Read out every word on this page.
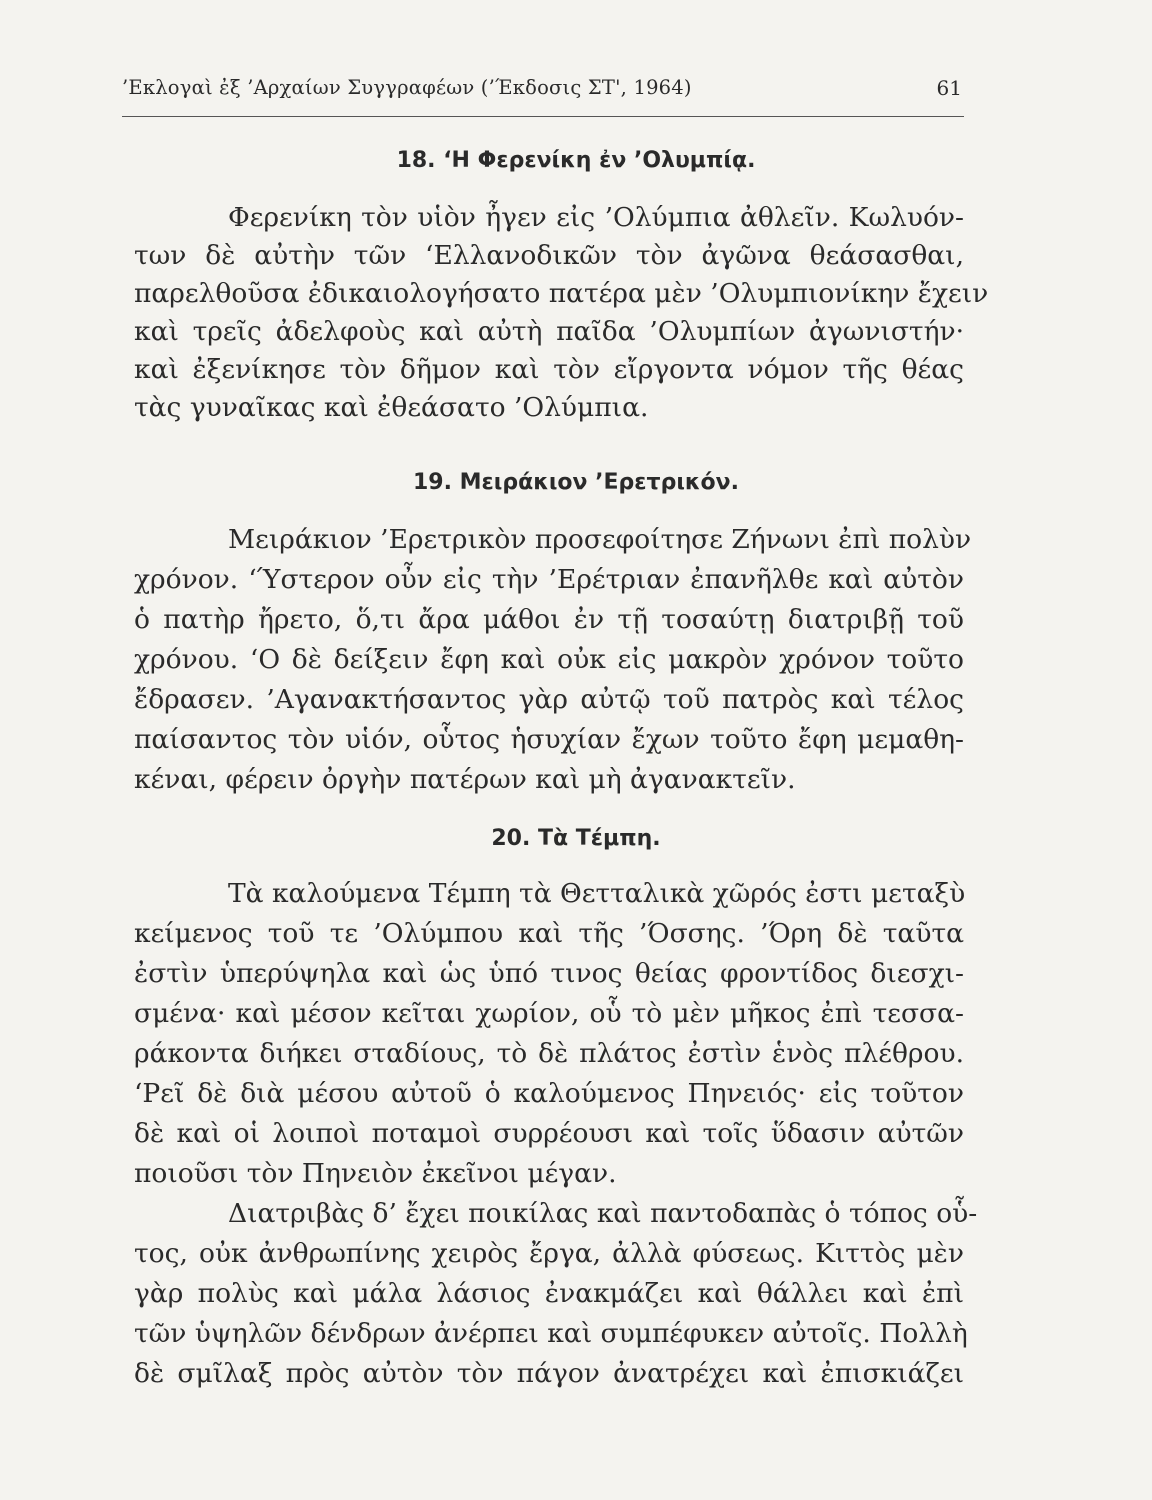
’Εκλογαὶ ἐξ ’Αρχαίων Συγγραφέων (’Έκδοσις ΣΤ', 1964)	61
18. ‘Η Φερενίκη ἐν ’Ολυμπίᾳ.
Φερενίκη τὸν υἱὸν ἦγεν εἰς ’Ολύμπια ἀθλεῖν. Κωλυόν-
των δὲ αὐτὴν τῶν ‘Ελλανοδικῶν τὸν ἀγῶνα θεάσασθαι,
παρελθοῦσα ἐδικαιολογήσατο πατέρα μὲν ’Ολυμπιονίκην ἔχειν
καὶ τρεῖς ἀδελφοὺς καὶ αὐτὴ παῖδα ’Ολυμπίων ἀγωνιστήν·
καὶ ἐξενίκησε τὸν δῆμον καὶ τὸν εἴργοντα νόμον τῆς θέας
τὰς γυναῖκας καὶ ἐθεάσατο ’Ολύμπια.
19. Μειράκιον ’Ερετρικόν.
Μειράκιον ’Ερετρικὸν προσεφοίτησε Ζήνωνι ἐπὶ πολὺν
χρόνον. ‘Ύστερον οὖν εἰς τὴν ’Ερέτριαν ἐπανῆλθε καὶ αὐτὸν
ὁ πατὴρ ἤρετο, ὅ,τι ἄρα μάθοι ἐν τῇ τοσαύτῃ διατριβῇ τοῦ
χρόνου. ‘Ο δὲ δείξειν ἔφη καὶ οὐκ εἰς μακρὸν χρόνον τοῦτο
ἔδρασεν. ’Αγανακτήσαντος γὰρ αὐτῷ τοῦ πατρὸς καὶ τέλος
παίσαντος τὸν υἱόν, οὗτος ἡσυχίαν ἔχων τοῦτο ἔφη μεμαθη-
κέναι, φέρειν ὀργὴν πατέρων καὶ μὴ ἀγανακτεῖν.
20. Τὰ Τέμπη.
Τὰ καλούμενα Τέμπη τὰ Θετταλικὰ χῶρός ἐστι μεταξὺ
κείμενος τοῦ τε ’Ολύμπου καὶ τῆς ’Όσσης. ’Όρη δὲ ταῦτα
ἐστὶν ὑπερύψηλα καὶ ὡς ὑπό τινος θείας φροντίδος διεσχι-
σμένα· καὶ μέσον κεῖται χωρίον, οὗ τὸ μὲν μῆκος ἐπὶ τεσσα-
ράκοντα διήκει σταδίους, τὸ δὲ πλάτος ἐστὶν ἑνὸς πλέθρου.
‘Ρεῖ δὲ διὰ μέσου αὐτοῦ ὁ καλούμενος Πηνειός· εἰς τοῦτον
δὲ καὶ οἱ λοιποὶ ποταμοὶ συρρέουσι καὶ τοῖς ὕδασιν αὐτῶν
ποιοῦσι τὸν Πηνειὸν ἐκεῖνοι μέγαν.
Διατριβὰς δ’ ἔχει ποικίλας καὶ παντοδαπὰς ὁ τόπος οὗ-
τος, οὐκ ἀνθρωπίνης χειρὸς ἔργα, ἀλλὰ φύσεως. Κιττὸς μὲν
γὰρ πολὺς καὶ μάλα λάσιος ἐνακμάζει καὶ θάλλει καὶ ἐπὶ
τῶν ὑψηλῶν δένδρων ἀνέρπει καὶ συμπέφυκεν αὐτοῖς. Πολλὴ
δὲ σμῖλαξ πρὸς αὐτὸν τὸν πάγον ἀνατρέχει καὶ ἐπισκιάζει
